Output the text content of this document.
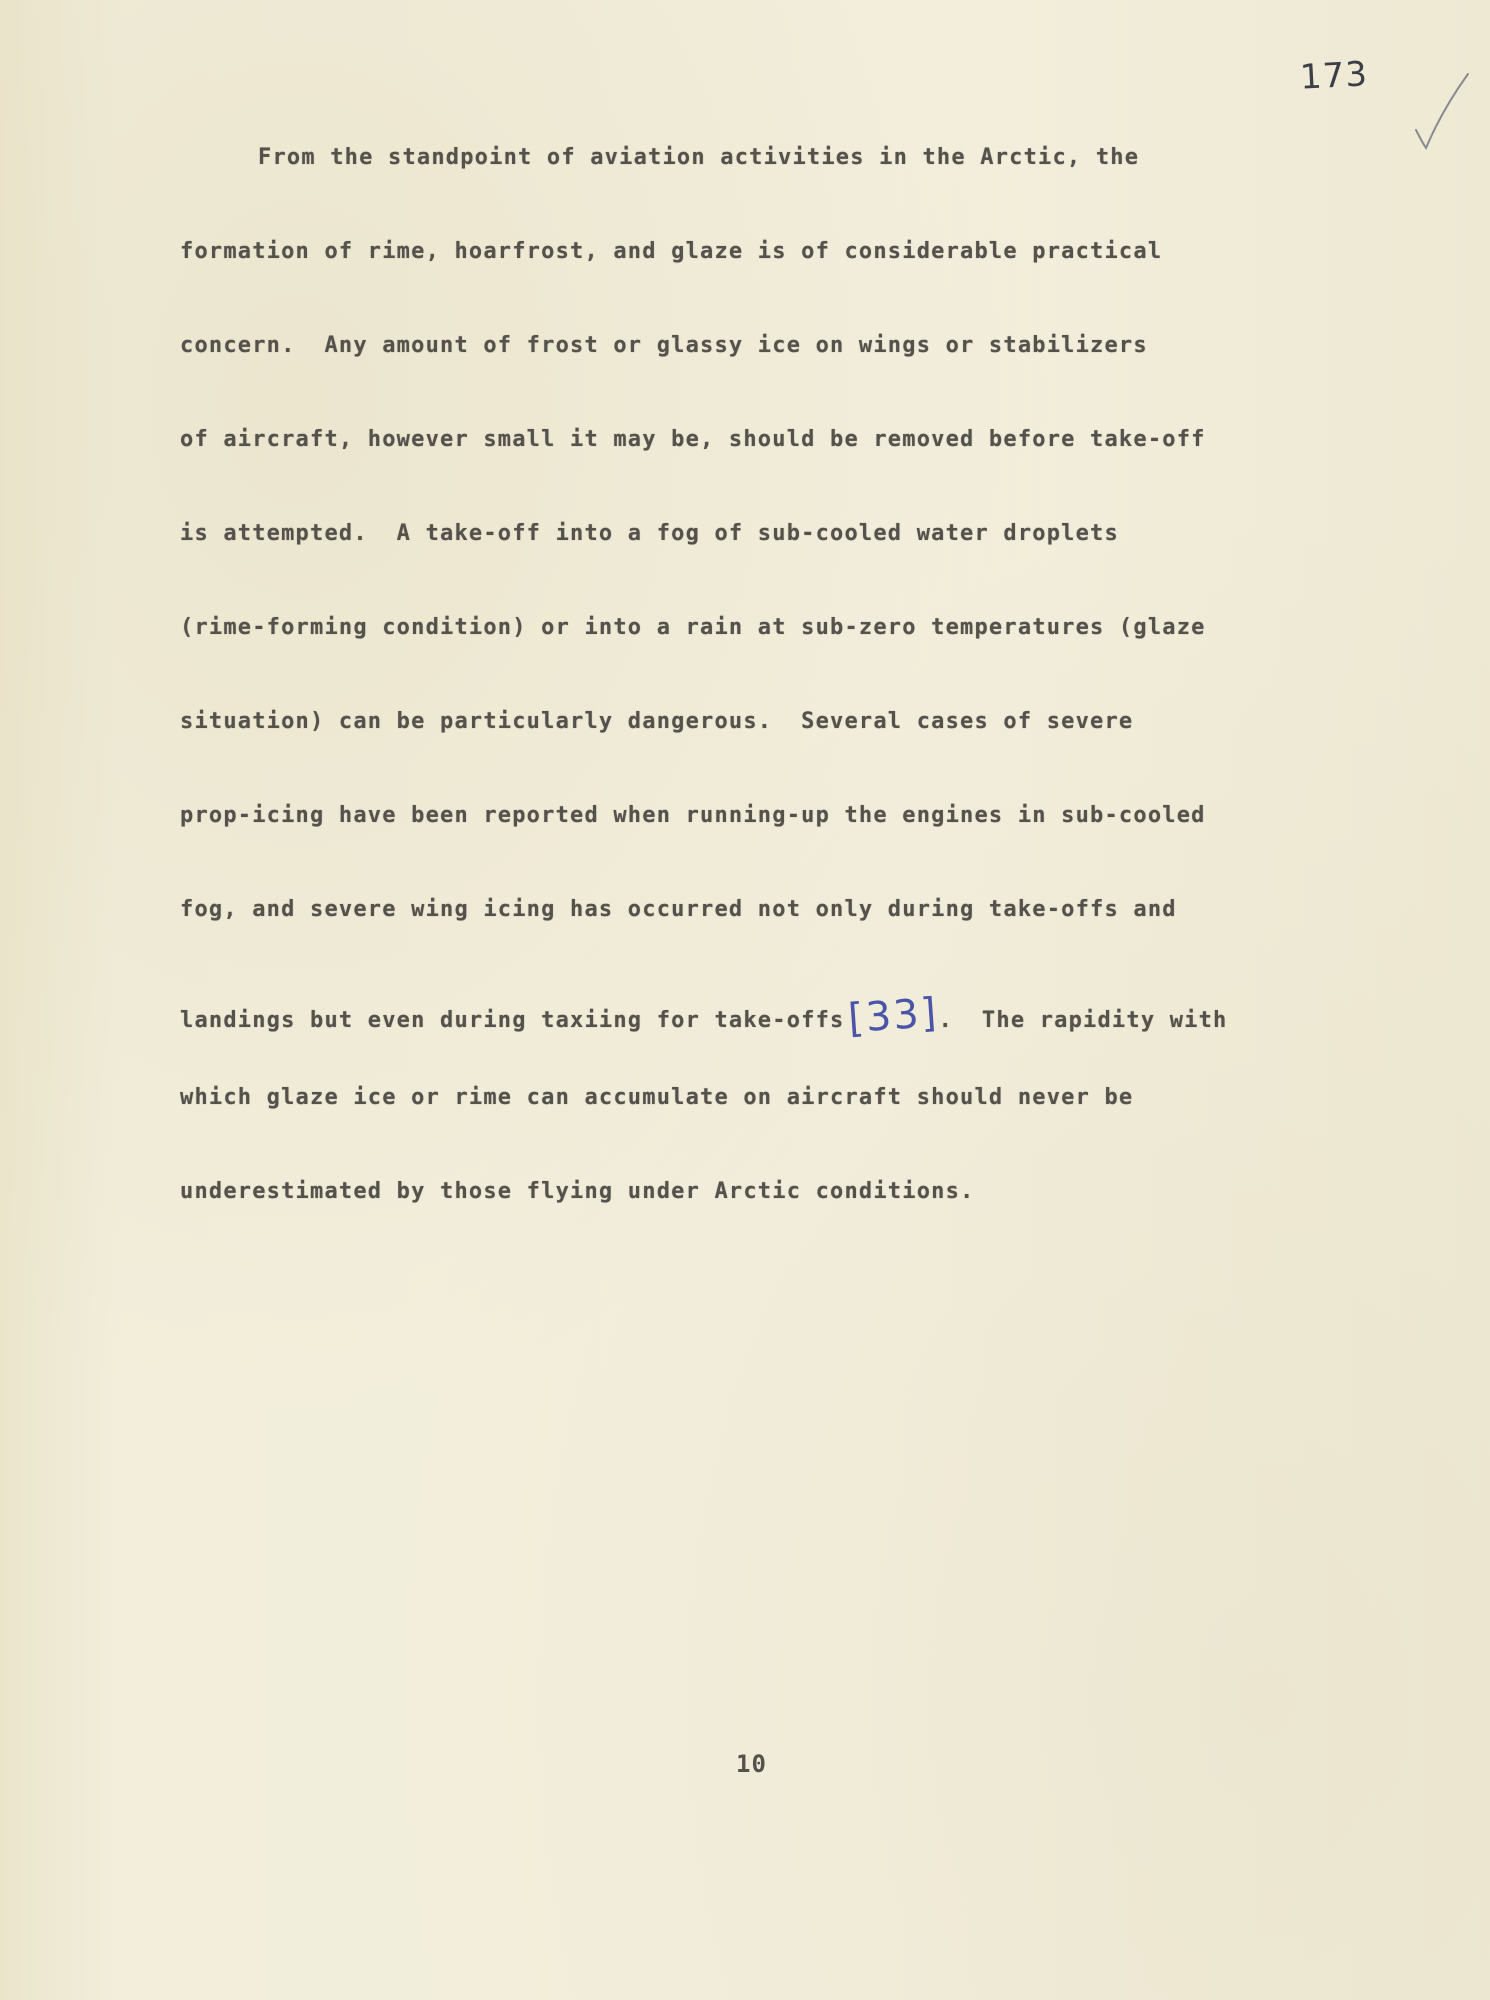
173
From the standpoint of aviation activities in the Arctic, the
formation of rime, hoarfrost, and glaze is of considerable practical
concern.  Any amount of frost or glassy ice on wings or stabilizers
of aircraft, however small it may be, should be removed before take-off
is attempted.  A take-off into a fog of sub-cooled water droplets
(rime-forming condition) or into a rain at sub-zero temperatures (glaze
situation) can be particularly dangerous.  Several cases of severe
prop-icing have been reported when running-up the engines in sub-cooled
fog, and severe wing icing has occurred not only during take-offs and
landings but even during taxiing for take-offs[33].  The rapidity with
which glaze ice or rime can accumulate on aircraft should never be
underestimated by those flying under Arctic conditions.
10
